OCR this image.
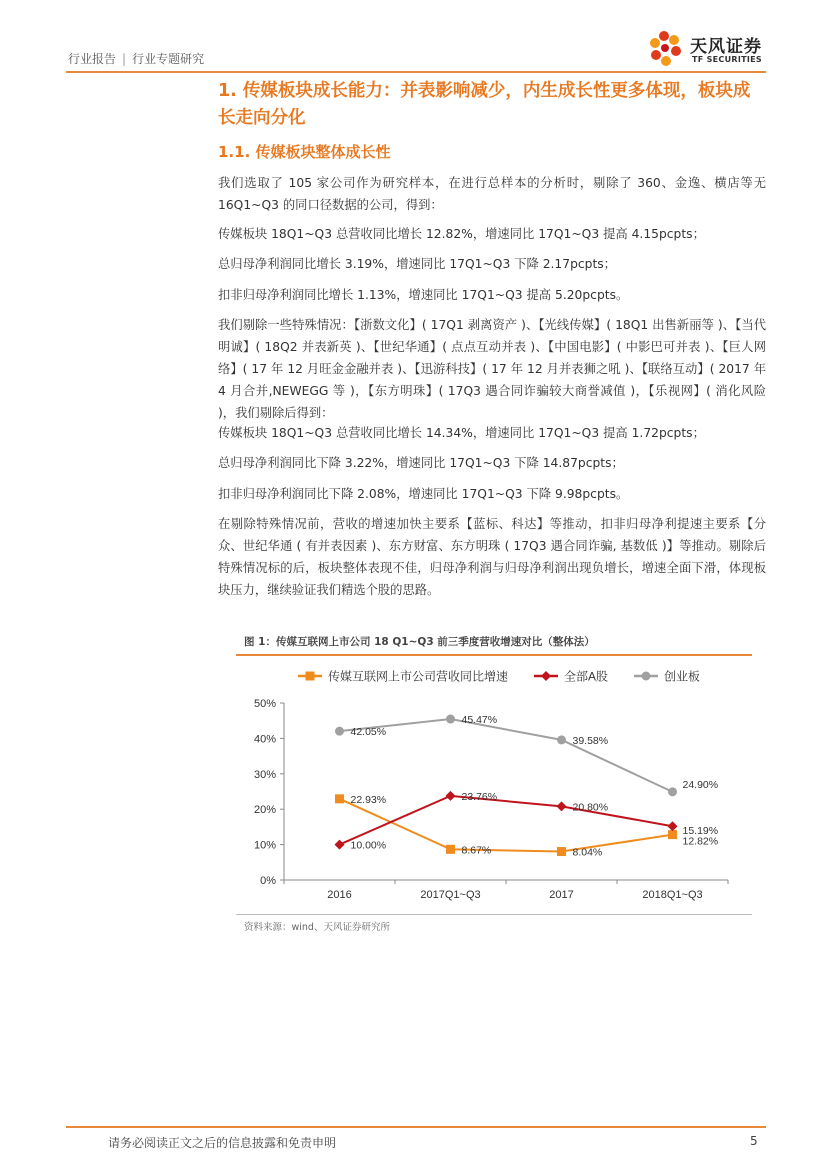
行业报告 | 行业专题研究
天风证券
TF SECURITIES
1. 传媒板块成长能力：并表影响减少，内生成长性更多体现，板块成长走向分化
1.1. 传媒板块整体成长性

我们选取了 105 家公司作为研究样本，在进行总样本的分析时，剔除了 360、金逸、横店等无 16Q1~Q3 的同口径数据的公司，得到：

传媒板块 18Q1~Q3 总营收同比增长 12.82%，增速同比 17Q1~Q3 提高 4.15pcpts；

总归母净利润同比增长 3.19%，增速同比 17Q1~Q3 下降 2.17pcpts；

扣非归母净利润同比增长 1.13%，增速同比 17Q1~Q3 提高 5.20pcpts。

我们剔除一些特殊情况：【浙数文化】( 17Q1 剥离资产 )、【光线传媒】( 18Q1 出售新丽等 )、【当代明诚】( 18Q2 并表新英 )、【世纪华通】( 点点互动并表 )、【中国电影】( 中影巴可并表 )、【巨人网络】( 17 年 12 月旺金金融并表 )、【迅游科技】( 17 年 12 月并表狮之吼 )、【联络互动】( 2017 年 4 月合并,NEWEGG 等 )，【东方明珠】( 17Q3 遇合同诈骗较大商誉减值 )，【乐视网】( 消化风险 )，我们剔除后得到：

传媒板块 18Q1~Q3 总营收同比增长 14.34%，增速同比 17Q1~Q3 提高 1.72pcpts；

总归母净利润同比下降 3.22%，增速同比 17Q1~Q3 下降 14.87pcpts；

扣非归母净利润同比下降 2.08%，增速同比 17Q1~Q3 下降 9.98pcpts。

在剔除特殊情况前，营收的增速加快主要系【蓝标、科达】等推动，扣非归母净利提速主要系【分众、世纪华通 ( 有并表因素 )、东方财富、东方明珠 ( 17Q3 遇合同诈骗, 基数低 )】等推动。剔除后特殊情况标的后，板块整体表现不佳，归母净利润与归母净利润出现负增长，增速全面下滑，体现板块压力，继续验证我们精选个股的思路。

图 1：传媒互联网上市公司 18 Q1~Q3 前三季度营收增速对比（整体法）
传媒互联网上市公司营收同比增速	全部A股	创业板
0%
10%
20%
30%
40%
50%
2016	2017Q1~Q3	2017	2018Q1~Q3
22.93%
8.67%	8.04%
12.82%
10.00%
23.76%
20.80%
15.19%
42.05%
45.47%
39.58%
24.90%
资料来源：wind、天风证券研究所
请务必阅读正文之后的信息披露和免责申明	5
